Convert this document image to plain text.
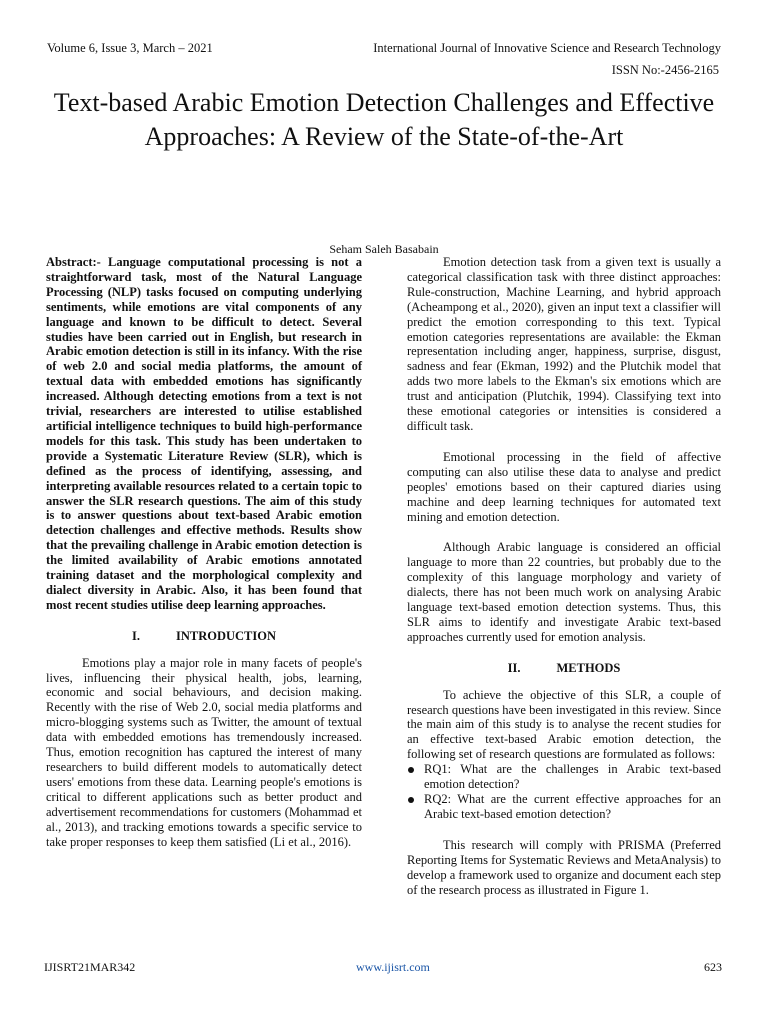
Volume 6, Issue 3, March – 2021	International Journal of Innovative Science and Research Technology
ISSN No:-2456-2165
Text-based Arabic Emotion Detection Challenges and Effective Approaches: A Review of the State-of-the-Art
Seham Saleh Basabain

Abstract:- Language computational processing is not a straightforward task, most of the Natural Language Processing (NLP) tasks focused on computing underlying sentiments, while emotions are vital components of any language and known to be difficult to detect. Several studies have been carried out in English, but research in Arabic emotion detection is still in its infancy. With the rise of web 2.0 and social media platforms, the amount of textual data with embedded emotions has significantly increased. Although detecting emotions from a text is not trivial, researchers are interested to utilise established artificial intelligence techniques to build high-performance models for this task. This study has been undertaken to provide a Systematic Literature Review (SLR), which is defined as the process of identifying, assessing, and interpreting available resources related to a certain topic to answer the SLR research questions. The aim of this study is to answer questions about text-based Arabic emotion detection challenges and effective methods. Results show that the prevailing challenge in Arabic emotion detection is the limited availability of Arabic emotions annotated training dataset and the morphological complexity and dialect diversity in Arabic. Also, it has been found that most recent studies utilise deep learning approaches.

I.	INTRODUCTION

Emotions play a major role in many facets of people's lives, influencing their physical health, jobs, learning, economic and social behaviours, and decision making. Recently with the rise of Web 2.0, social media platforms and micro-blogging systems such as Twitter, the amount of textual data with embedded emotions has tremendously increased. Thus, emotion recognition has captured the interest of many researchers to build different models to automatically detect users' emotions from these data. Learning people's emotions is critical to different applications such as better product and advertisement recommendations for customers (Mohammad et al., 2013), and tracking emotions towards a specific service to take proper responses to keep them satisfied (Li et al., 2016).

Emotion detection task from a given text is usually a categorical classification task with three distinct approaches: Rule-construction, Machine Learning, and hybrid approach (Acheampong et al., 2020), given an input text a classifier will predict the emotion corresponding to this text. Typical emotion categories representations are available: the Ekman representation including anger, happiness, surprise, disgust, sadness and fear (Ekman, 1992) and the Plutchik model that adds two more labels to the Ekman's six emotions which are trust and anticipation (Plutchik, 1994). Classifying text into these emotional categories or intensities is considered a difficult task.

Emotional processing in the field of affective computing can also utilise these data to analyse and predict peoples' emotions based on their captured diaries using machine and deep learning techniques for automated text mining and emotion detection.

Although Arabic language is considered an official language to more than 22 countries, but probably due to the complexity of this language morphology and variety of dialects, there has not been much work on analysing Arabic language text-based emotion detection systems. Thus, this SLR aims to identify and investigate Arabic text-based approaches currently used for emotion analysis.

II.	METHODS

To achieve the objective of this SLR, a couple of research questions have been investigated in this review. Since the main aim of this study is to analyse the recent studies for an effective text-based Arabic emotion detection, the following set of research questions are formulated as follows:

RQ1: What are the challenges in Arabic text-based emotion detection?
RQ2: What are the current effective approaches for an Arabic text-based emotion detection?

This research will comply with PRISMA (Preferred Reporting Items for Systematic Reviews and MetaAnalysis) to develop a framework used to organize and document each step of the research process as illustrated in Figure 1.

IJISRT21MAR342	www.ijisrt.com	623
